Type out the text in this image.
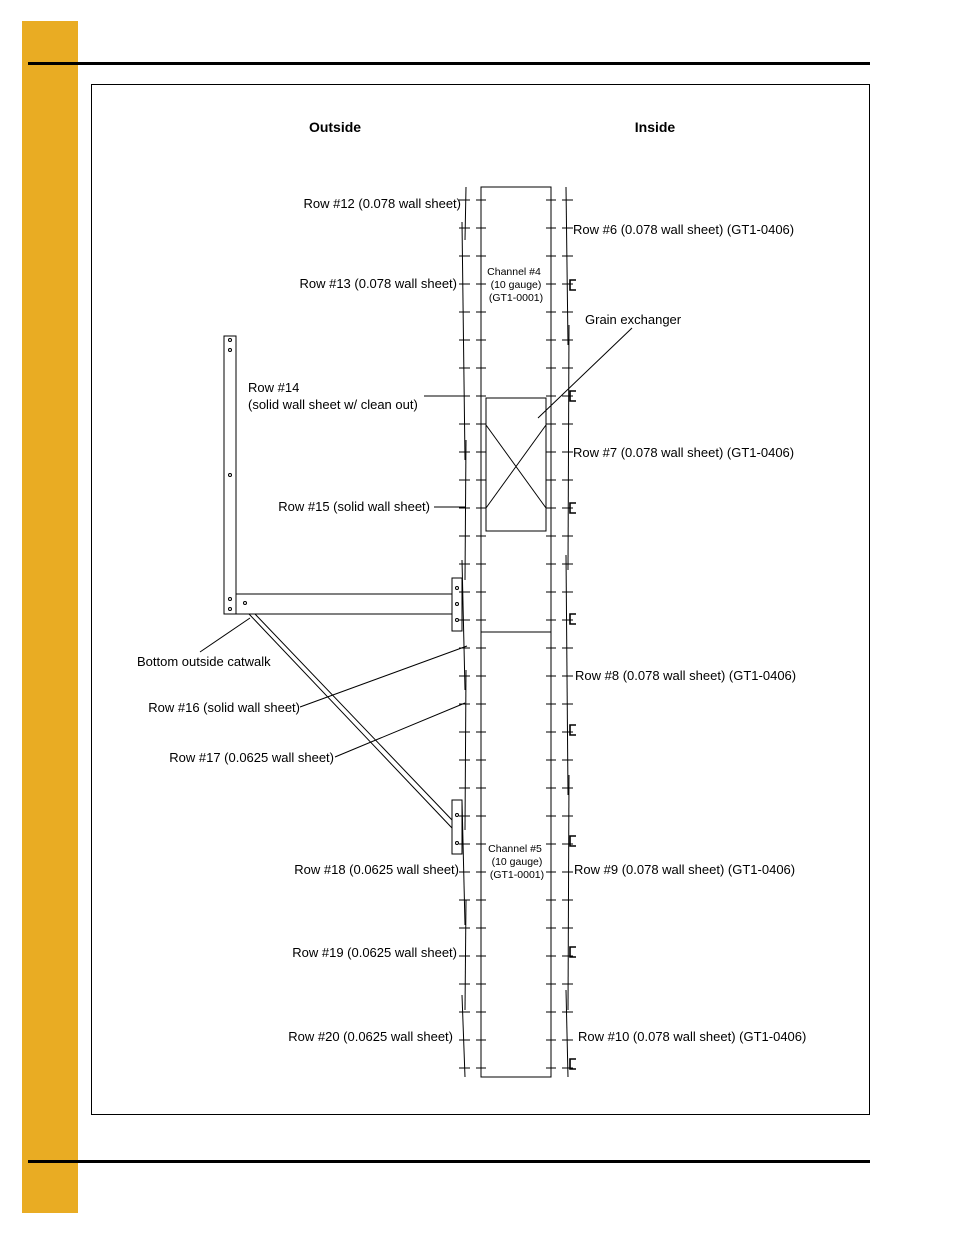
Outside	Inside
Channel #4
(10 gauge)
(GT1-0001)
Channel #5
(10 gauge)
(GT1-0001)
Row #12 (0.078 wall sheet)
Row #13 (0.078 wall sheet)
Row #14
(solid wall sheet w/ clean out)
Row #15 (solid wall sheet)
Bottom outside catwalk
Row #16 (solid wall sheet)
Row #17 (0.0625 wall sheet)
Row #18 (0.0625 wall sheet)
Row #19 (0.0625 wall sheet)
Row #20 (0.0625 wall sheet)
Row #6 (0.078 wall sheet) (GT1-0406)
Grain exchanger
Row #7 (0.078 wall sheet) (GT1-0406)
Row #8 (0.078 wall sheet) (GT1-0406)
Row #9 (0.078 wall sheet) (GT1-0406)
Row #10 (0.078 wall sheet) (GT1-0406)
